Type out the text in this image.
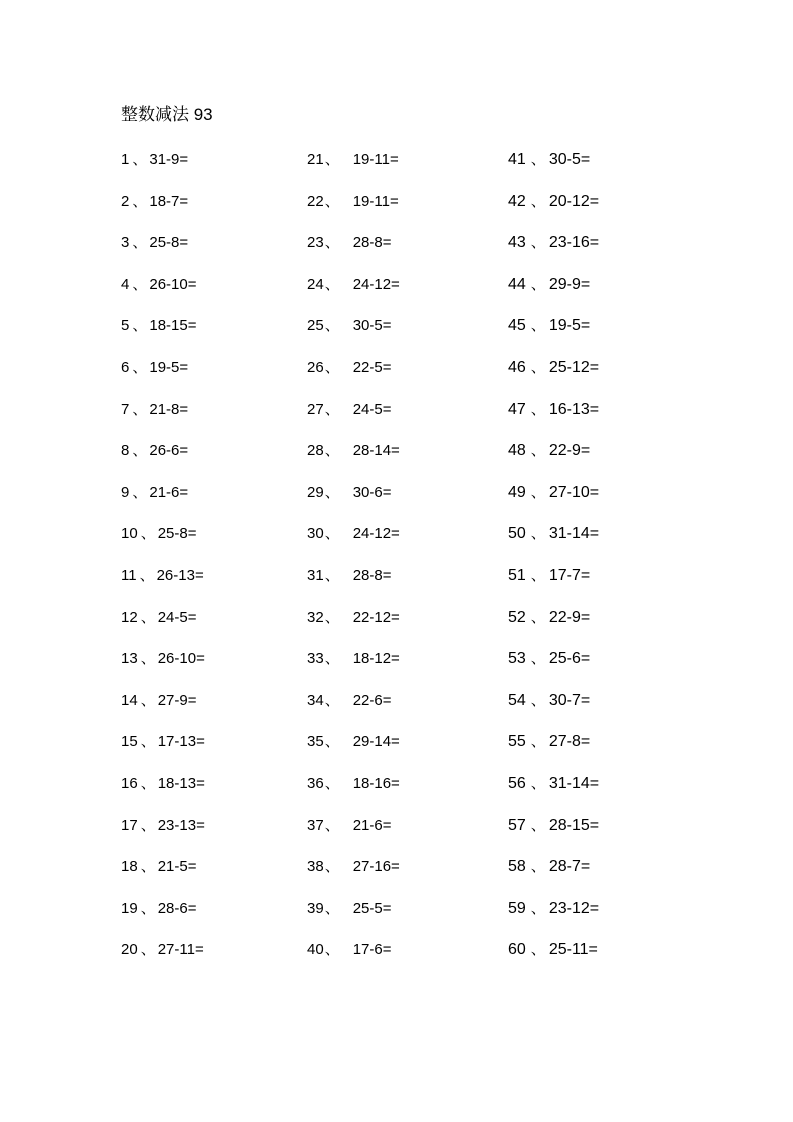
整数减法 93
1 、 31-9=
2 、 18-7=
3 、 25-8=
4 、 26-10=
5 、 18-15=
6 、 19-5=
7 、 21-8=
8 、 26-6=
9 、 21-6=
10 、 25-8=
11 、 26-13=
12 、 24-5=
13 、 26-10=
14 、 27-9=
15 、 17-13=
16 、 18-13=
17 、 23-13=
18 、 21-5=
19 、 28-6=
20 、 27-11=
21、 19-11=
22、 19-11=
23、 28-8=
24、 24-12=
25、 30-5=
26、 22-5=
27、 24-5=
28、 28-14=
29、 30-6=
30、 24-12=
31、 28-8=
32、 22-12=
33、 18-12=
34、 22-6=
35、 29-14=
36、 18-16=
37、 21-6=
38、 27-16=
39、 25-5=
40、 17-6=
41 、 30-5=
42 、 20-12=
43 、 23-16=
44 、 29-9=
45 、 19-5=
46 、 25-12=
47 、 16-13=
48 、 22-9=
49 、 27-10=
50 、 31-14=
51 、 17-7=
52 、 22-9=
53 、 25-6=
54 、 30-7=
55 、 27-8=
56 、 31-14=
57 、 28-15=
58 、 28-7=
59 、 23-12=
60 、 25-11=
